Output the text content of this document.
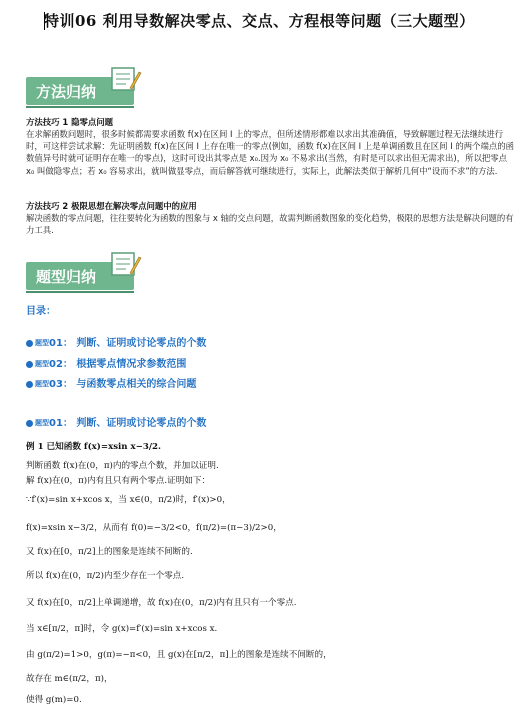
特训06 利用导数解决零点、交点、方程根等问题（三大题型）
方法归纳
方法技巧 1 隐零点问题
在求解函数问题时，很多时候都需要求函数 f(x)在区间 I 上的零点，但所述情形都难以求出其准确值，导致解题过程无法继续进行时，可这样尝试求解：先证明函数 f(x)在区间 I 上存在唯一的零点(例如，函数 f(x)在区间 I 上是单调函数且在区间 I 的两个端点的函数值异号时就可证明存在唯一的零点)，这时可设出其零点是 x₀.因为 x₀ 不易求出(当然，有时是可以求出但无需求出)，所以把零点 x₀ 叫做隐零点；若 x₀ 容易求出，就叫做显零点，而后解答就可继续进行，实际上，此解法类似于解析几何中“设而不求”的方法.
方法技巧 2 极限思想在解决零点问题中的应用
解决函数的零点问题，往往要转化为函数的图象与 x 轴的交点问题，故需判断函数图象的变化趋势，极限的思想方法是解决问题的有力工具.
题型归纳
目录：
题型01： 判断、证明或讨论零点的个数
题型02： 根据零点情况求参数范围
题型03： 与函数零点相关的综合问题
题型01： 判断、证明或讨论零点的个数
例 1 已知函数 f(x)=xsin x−3/2.
判断函数 f(x)在(0，π)内的零点个数，并加以证明.
解 f(x)在(0，π)内有且只有两个零点.证明如下：
∵f′(x)=sin x+xcos x，当 x∈(0，π/2)时，f′(x)>0，
f(x)=xsin x−3/2，从而有 f(0)=−3/2<0，f(π/2)=(π−3)/2>0，
又 f(x)在[0，π/2]上的图象是连续不间断的.
所以 f(x)在(0，π/2)内至少存在一个零点.
又 f(x)在[0，π/2]上单调递增，故 f(x)在(0，π/2)内有且只有一个零点.
当 x∈[π/2，π]时，令 g(x)=f′(x)=sin x+xcos x.
由 g(π/2)=1>0，g(π)=−π<0，且 g(x)在[π/2，π]上的图象是连续不间断的，
故存在 m∈(π/2，π)，
使得 g(m)=0.
